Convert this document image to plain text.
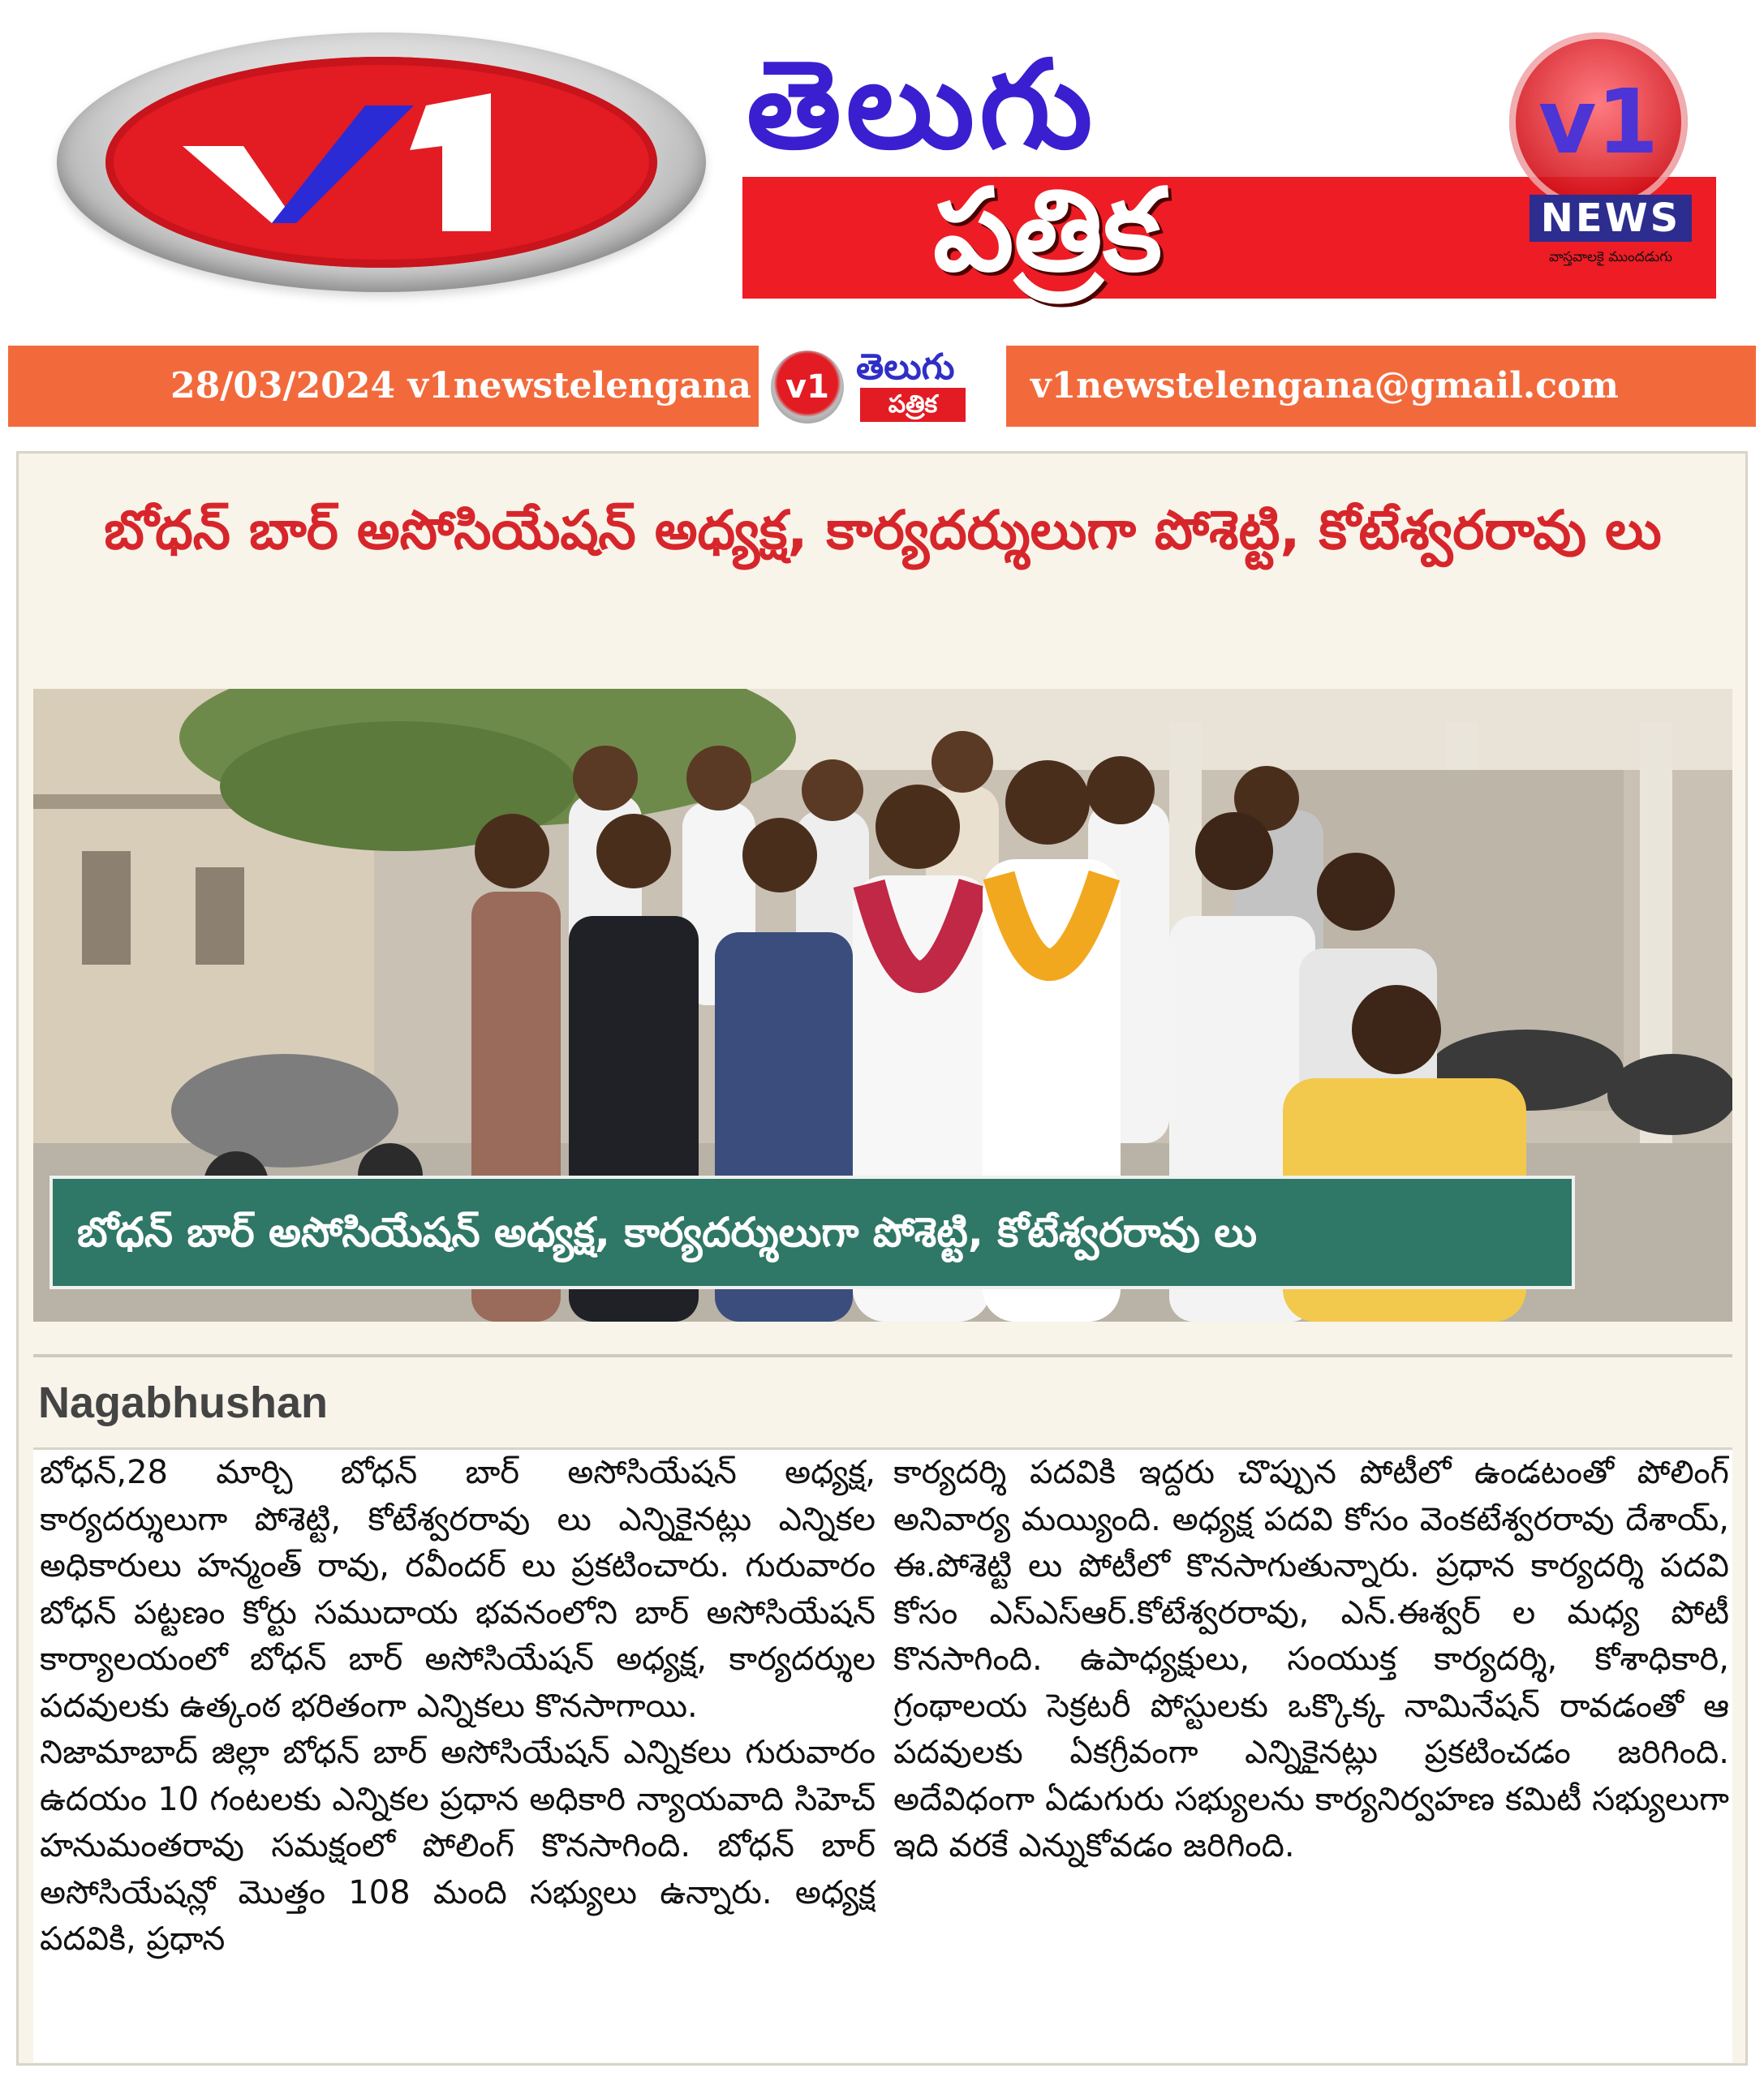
తెలుగు
పత్రిక
v1
NEWS
వాస్తవాలకై ముందడుగు
28/03/2024 v1newstelengana	v1 తెలుగు
పత్రిక	v1newstelengana@gmail.com
బోధన్ బార్ అసోసియేషన్ అధ్యక్ష, కార్యదర్శులుగా పోశెట్టి, కోటేశ్వరరావు లు
బోధన్ బార్ అసోసియేషన్ అధ్యక్ష, కార్యదర్శులుగా పోశెట్టి, కోటేశ్వరరావు లు
Nagabhushan

బోధన్,28 మార్చి బోధన్ బార్ అసోసియేషన్ అధ్యక్ష, కార్యదర్శులుగా పోశెట్టి, కోటేశ్వరరావు లు ఎన్నికైనట్లు ఎన్నికల అధికారులు హన్మంత్ రావు, రవీందర్ లు ప్రకటించారు. గురువారం బోధన్ పట్టణం కోర్టు సముదాయ భవనంలోని బార్ అసోసియేషన్ కార్యాలయంలో బోధన్ బార్ అసోసియేషన్ అధ్యక్ష, కార్యదర్శుల పదవులకు ఉత్కంఠ భరితంగా ఎన్నికలు కొనసాగాయి.

నిజామాబాద్ జిల్లా బోధన్ బార్ అసోసియేషన్ ఎన్నికలు గురువారం ఉదయం 10 గంటలకు ఎన్నికల ప్రధాన అధికారి న్యాయవాది సిహెచ్ హనుమంతరావు సమక్షంలో పోలింగ్ కొనసాగింది. బోధన్ బార్ అసోసియేషన్లో మొత్తం 108 మంది సభ్యులు ఉన్నారు. అధ్యక్ష పదవికి, ప్రధాన

కార్యదర్శి పదవికి ఇద్దరు చొప్పున పోటీలో ఉండటంతో పోలింగ్ అనివార్య మయ్యింది. అధ్యక్ష పదవి కోసం వెంకటేశ్వరరావు దేశాయ్, ఈ.పోశెట్టి లు పోటీలో కొనసాగుతున్నారు. ప్రధాన కార్యదర్శి పదవి కోసం ఎస్ఎస్ఆర్.కోటేశ్వరరావు, ఎన్.ఈశ్వర్ ల మధ్య పోటీ కొనసాగింది. ఉపాధ్యక్షులు, సంయుక్త కార్యదర్శి, కోశాధికారి, గ్రంథాలయ సెక్రటరీ పోస్టులకు ఒక్కొక్క నామినేషన్ రావడంతో ఆ పదవులకు ఏకగ్రీవంగా ఎన్నికైనట్లు ప్రకటించడం జరిగింది. అదేవిధంగా ఏడుగురు సభ్యులను కార్యనిర్వహణ కమిటీ సభ్యులుగా ఇది వరకే ఎన్నుకోవడం జరిగింది.
